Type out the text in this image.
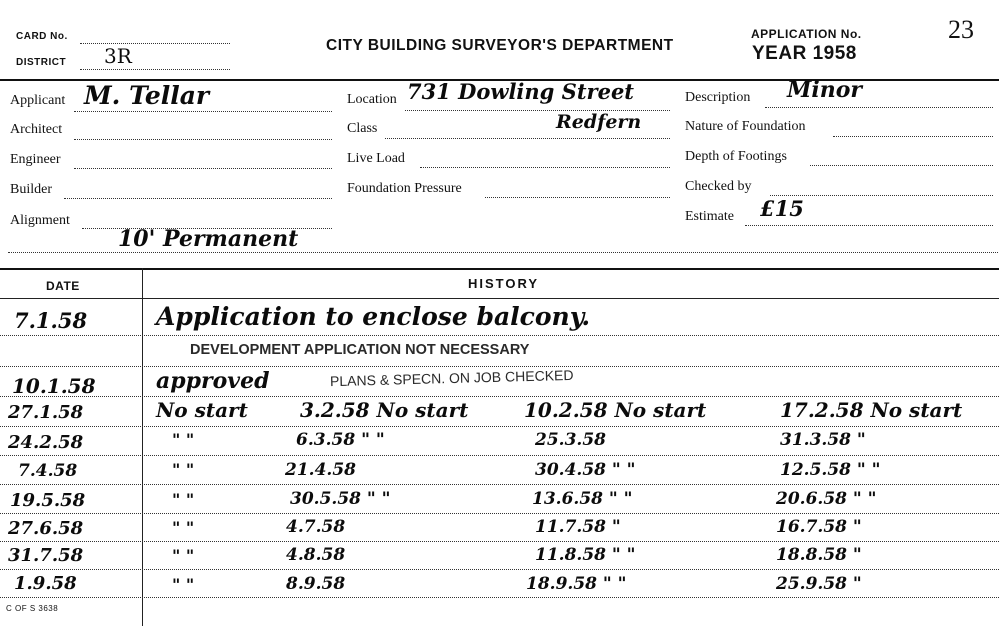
CARD No.
DISTRICT 3R	CITY BUILDING SURVEYOR'S DEPARTMENT
APPLICATION No.
YEAR 1958
23
Applicant M. Tellar
Architect
Engineer
Builder
Alignment
10' Permanent
Location 731 Dowling Street
Redfern
Class
Live Load
Foundation Pressure
Description Minor
Nature of Foundation
Depth of Footings
Checked by
Estimate £15
DATE	HISTORY
7.1.58	Application to enclose balcony.
DEVELOPMENT APPLICATION NOT NECESSARY
10.1.58	approved	PLANS & SPECN. ON JOB CHECKED
27.1.58	No start	3.2.58 No start	10.2.58 No start	17.2.58 No start
24.2.58	" "	6.3.58 " "	25.3.58	31.3.58 "
7.4.58	" "	21.4.58	30.4.58 " "	12.5.58 " "
19.5.58	" "	30.5.58 " "	13.6.58 " "	20.6.58 " "
27.6.58	" "	4.7.58	11.7.58 "	16.7.58 "
31.7.58	" "	4.8.58	11.8.58 " "	18.8.58 "
1.9.58	" "	8.9.58	18.9.58 " "	25.9.58 "
C OF S 3638
